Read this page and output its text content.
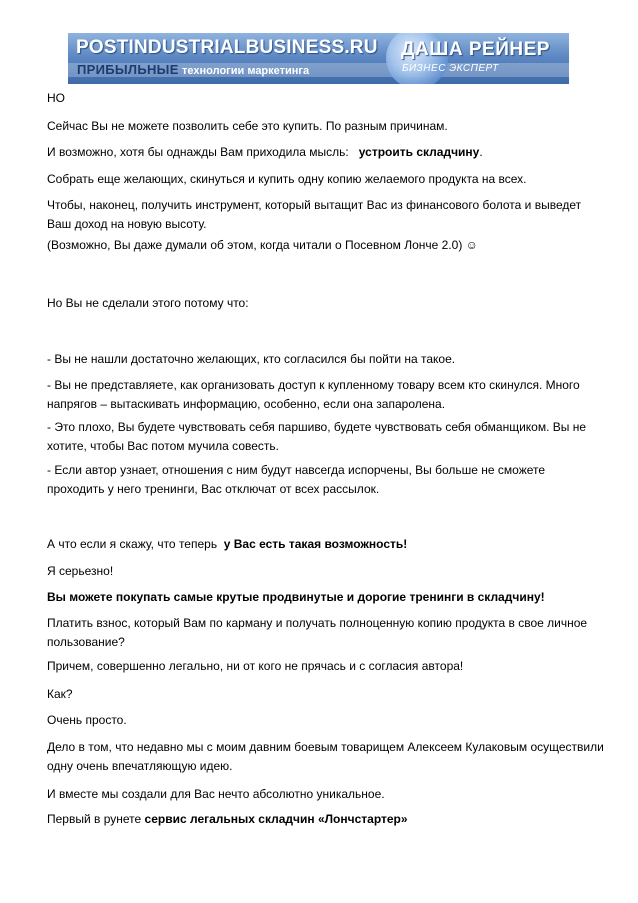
POSTINDUSTRIALBUSINESS.RU
ПРИБЫЛЬНЫЕ технологии маркетинга
ДАША РЕЙНЕР
БИЗНЕС ЭКСПЕРТ
НО
Сейчас Вы не можете позволить себе это купить. По разным причинам.
И возможно, хотя бы однажды Вам приходила мысль: устроить складчину.
Собрать еще желающих, скинуться и купить одну копию желаемого продукта на всех.
Чтобы, наконец, получить инструмент, который вытащит Вас из финансового болота и выведет
Ваш доход на новую высоту.
(Возможно, Вы даже думали об этом, когда читали о Посевном Лонче 2.0) ☺
Но Вы не сделали этого потому что:
- Вы не нашли достаточно желающих, кто согласился бы пойти на такое.
- Вы не представляете, как организовать доступ к купленному товару всем кто скинулся. Много
напрягов – вытаскивать информацию, особенно, если она запаролена.
- Это плохо, Вы будете чувствовать себя паршиво, будете чувствовать себя обманщиком. Вы не
хотите, чтобы Вас потом мучила совесть.
- Если автор узнает, отношения с ним будут навсегда испорчены, Вы больше не сможете
проходить у него тренинги, Вас отключат от всех рассылок.
А что если я скажу, что теперь у Вас есть такая возможность!
Я серьезно!
Вы можете покупать самые крутые продвинутые и дорогие тренинги в складчину!
Платить взнос, который Вам по карману и получать полноценную копию продукта в свое личное
пользование?
Причем, совершенно легально, ни от кого не прячась и с согласия автора!
Как?
Очень просто.
Дело в том, что недавно мы с моим давним боевым товарищем Алексеем Кулаковым осуществили
одну очень впечатляющую идею.
И вместе мы создали для Вас нечто абсолютно уникальное.
Первый в рунете сервис легальных складчин «Лончстартер»
